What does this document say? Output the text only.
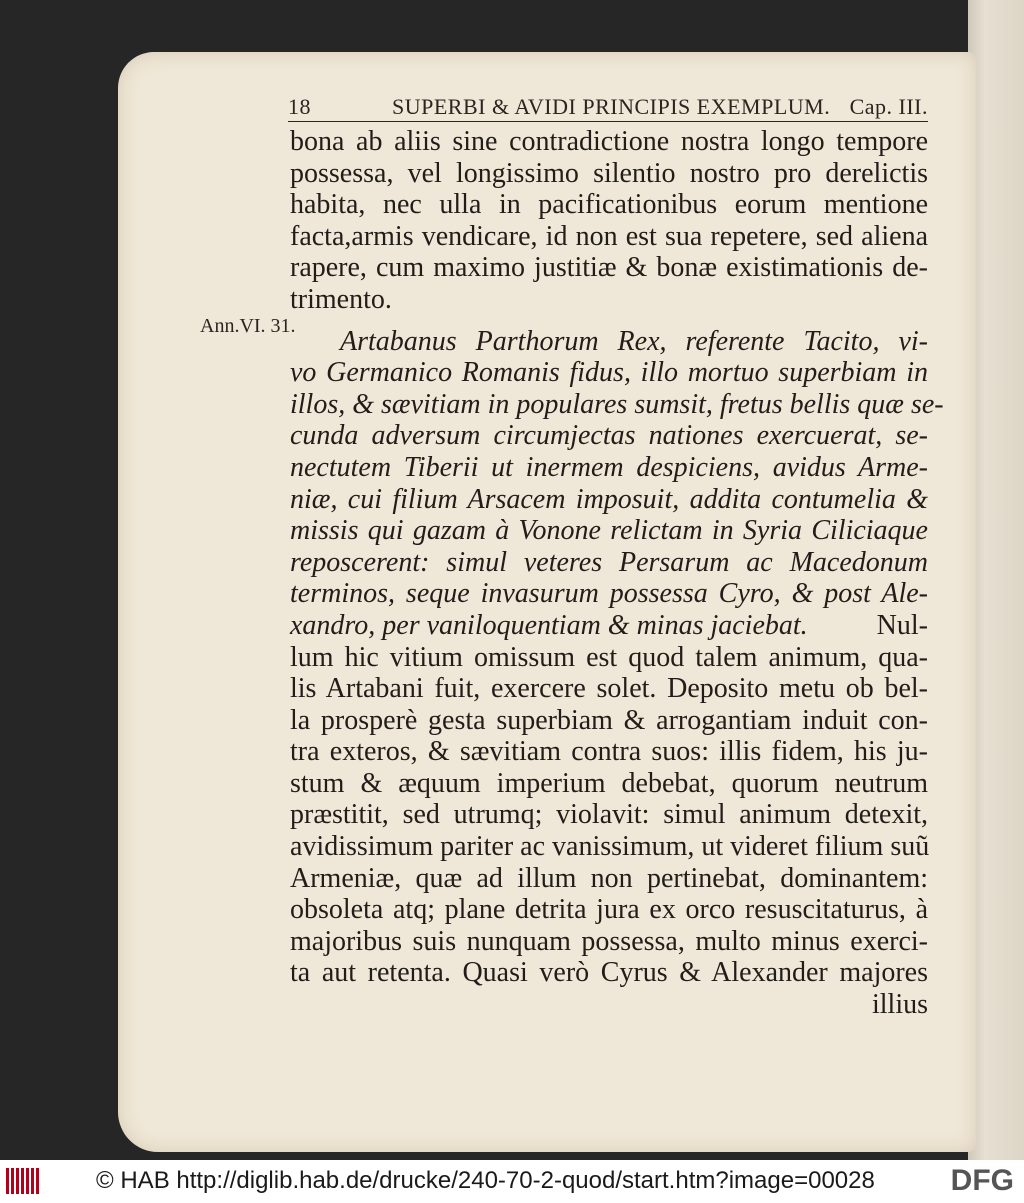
18	SUPERBI & AVIDI PRINCIPIS EXEMPLUM. Cap. III.
Ann.VI. 31.
bona ab aliis sine contradictione nostra longo tempore
possessa, vel longissimo silentio nostro pro derelictis
habita, nec ulla in pacificationibus eorum mentione
facta,armis vendicare, id non est sua repetere, sed aliena
rapere, cum maximo justitiæ & bonæ existimationis de-
trimento.
Artabanus Parthorum Rex, referente Tacito, vi-
vo Germanico Romanis fidus, illo mortuo superbiam in
illos, & sævitiam in populares sumsit, fretus bellis quæ se-
cunda adversum circumjectas nationes exercuerat, se-
nectutem Tiberii ut inermem despiciens, avidus Arme-
niæ, cui filium Arsacem imposuit, addita contumelia &
missis qui gazam à Vonone relictam in Syria Ciliciaque
reposcerent: simul veteres Persarum ac Macedonum
terminos, seque invasurum possessa Cyro, & post Ale-
xandro, per vaniloquentiam & minas jaciebat. Nul-
lum hic vitium omissum est quod talem animum, qua-
lis Artabani fuit, exercere solet. Deposito metu ob bel-
la prosperè gesta superbiam & arrogantiam induit con-
tra exteros, & sævitiam contra suos: illis fidem, his ju-
stum & æquum imperium debebat, quorum neutrum
præstitit, sed utrumq; violavit: simul animum detexit,
avidissimum pariter ac vanissimum, ut videret filium suũ
Armeniæ, quæ ad illum non pertinebat, dominantem:
obsoleta atq; plane detrita jura ex orco resuscitaturus, à
majoribus suis nunquam possessa, multo minus exerci-
ta aut retenta. Quasi verò Cyrus & Alexander majores
illius
© HAB http://diglib.hab.de/drucke/240-70-2-quod/start.htm?image=00028	DFG
